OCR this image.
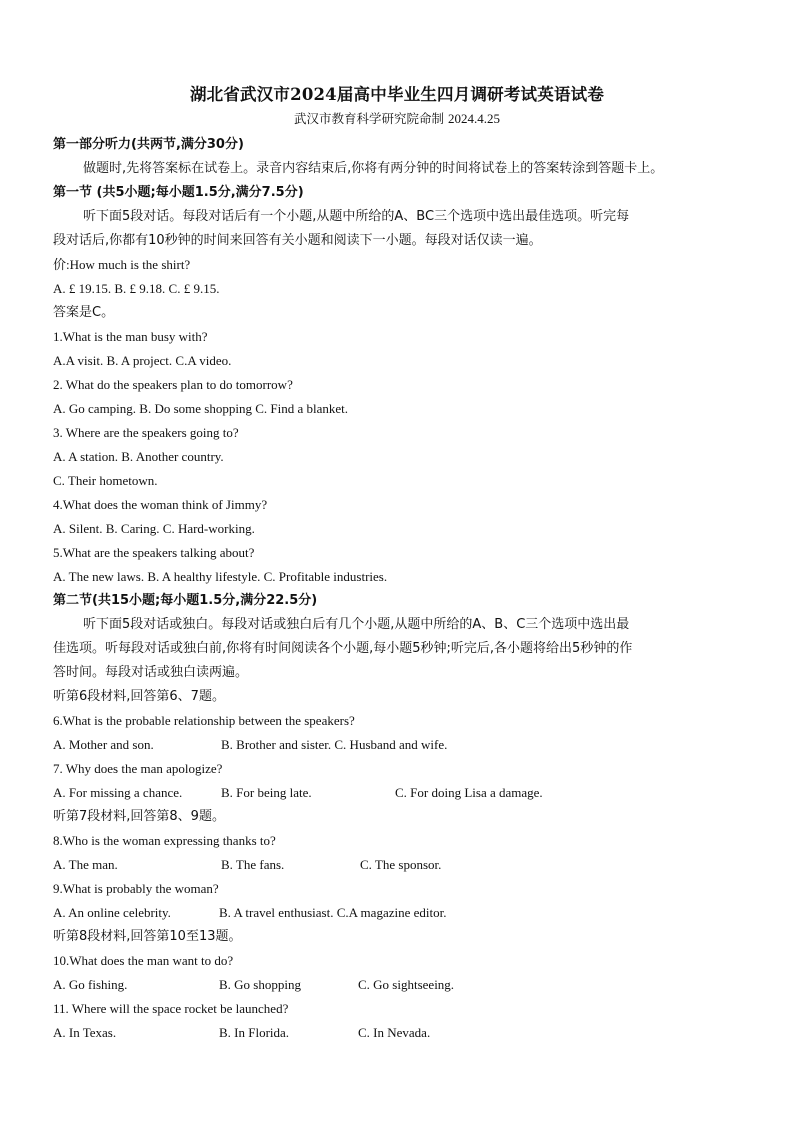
湖北省武汉市2024届高中毕业生四月调研考试英语试卷
武汉市教育科学研究院命制 2024.4.25
第一部分听力(共两节,满分30分)
做题时,先将答案标在试卷上。录音内容结束后,你将有两分钟的时间将试卷上的答案转涂到答题卡上。
第一节 (共5小题;每小题1.5分,满分7.5分)
听下面5段对话。每段对话后有一个小题,从题中所给的A、BC三个选项中选出最佳选项。听完每
段对话后,你都有10秒钟的时间来回答有关小题和阅读下一小题。每段对话仅读一遍。
价:How much is the shirt?
A. £ 19.15. B. £ 9.18. C. £ 9.15.
答案是C。
1.What is the man busy with?
A.A visit. B. A project. C.A video.
2. What do the speakers plan to do tomorrow?
A. Go camping. B. Do some shopping C. Find a blanket.
3. Where are the speakers going to?
A. A station. B. Another country.
C. Their hometown.
4.What does the woman think of Jimmy?
A. Silent. B. Caring. C. Hard-working.
5.What are the speakers talking about?
A. The new laws. B. A healthy lifestyle. C. Profitable industries.
第二节(共15小题;每小题1.5分,满分22.5分)
听下面5段对话或独白。每段对话或独白后有几个小题,从题中所给的A、B、C三个选项中选出最
佳选项。听每段对话或独白前,你将有时间阅读各个小题,每小题5秒钟;听完后,各小题将给出5秒钟的作
答时间。每段对话或独白读两遍。
听第6段材料,回答第6、7题。
6.What is the probable relationship between the speakers?
A. Mother and son.	B. Brother and sister. C. Husband and wife.
7. Why does the man apologize?
A. For missing a chance.	B. For being late.	C. For doing Lisa a damage.
听第7段材料,回答第8、9题。
8.Who is the woman expressing thanks to?
A. The man.	B. The fans.	C. The sponsor.
9.What is probably the woman?
A. An online celebrity.	B. A travel enthusiast. C.A magazine editor.
听第8段材料,回答第10至13题。
10.What does the man want to do?
A. Go fishing.	B. Go shopping	C. Go sightseeing.
11. Where will the space rocket be launched?
A. In Texas.	B. In Florida.	C. In Nevada.
